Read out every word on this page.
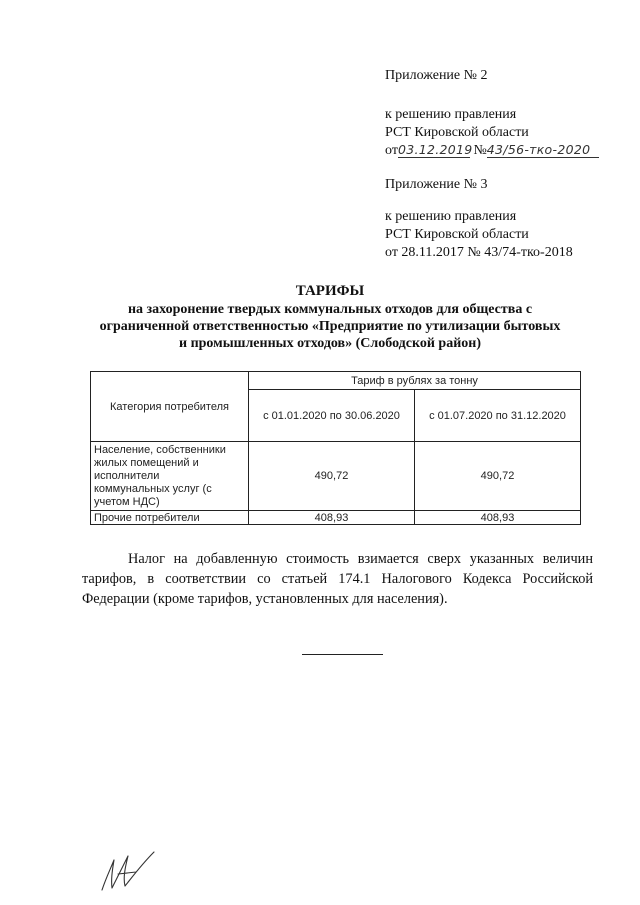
Приложение № 2
к решению правления
РСТ Кировской области
от03.12.2019 №43/56-тко-2020
Приложение № 3
к решению правления
РСТ Кировской области
от 28.11.2017 № 43/74-тко-2018
ТАРИФЫ
на захоронение твердых коммунальных отходов для общества с
ограниченной ответственностью «Предприятие по утилизации бытовых
и промышленных отходов» (Слободской район)
Категория потребителя	Тариф в рублях за тонну	
	с 01.01.2020 по 30.06.2020	с 01.07.2020 по 31.12.2020

Население, собственники
жилых помещений и
исполнители
коммунальных услуг (с
учетом НДС)	490,72	490,72
Прочие потребители	408,93	408,93
Налог на добавленную стоимость взимается сверх указанных величин тарифов, в соответствии со статьей 174.1 Налогового Кодекса Российской Федерации (кроме тарифов, установленных для населения).
